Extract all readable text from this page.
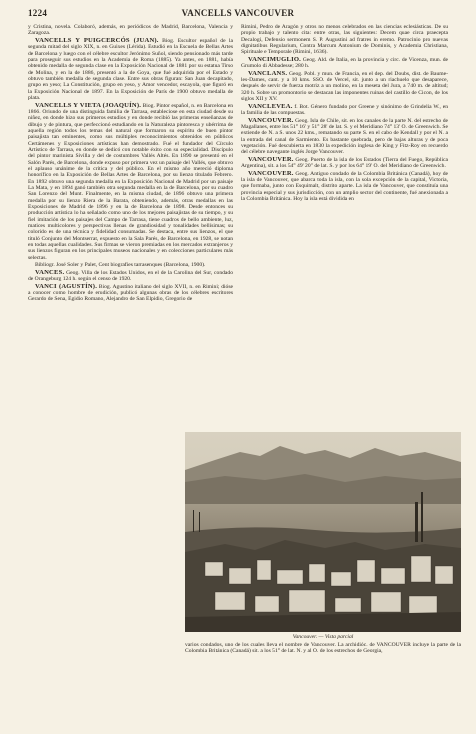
1224	VANCELLS VANCOUVER

y Cristina, novela. Colaboró, además, en periódicos de Madrid, Barcelona, Valencia y Zaragoza.

VANCELLS Y PUIGCERCÓS (JUAN). Biog. Escultor español de la segunda mitad del siglo XIX, n. en Guixes (Lérida). Estudió en la Escuela de Bellas Artes de Barcelona y luego con el célebre escultor Jerónimo Suñol, siendo pensionado más tarde para proseguir sus estudios en la Academia de Roma (1885). Ya antes, en 1881, había obtenido medalla de segunda clase en la Exposición Nacional de 1881 por su estatua Tirso de Molina, y en la de 1886, presentó a la de Goya, que fué adquirida por el Estado y obtuvo también medalla de segunda clase. Entre sus obras figuran: San Juan decapitado, grupo en yeso; La Constitución, grupo en yeso, y Amor vencedor, escayola, que figuró en la Exposición Nacional de 1897. En la Exposición de París de 1900 obtuvo medalla de plata.

VANCELLS Y VIETA (JOAQUÍN). Biog. Pintor español, n. en Barcelona en 1866. Oriundo de una distinguida familia de Tarrasa, estableciose en esta ciudad desde su niñez, en donde hizo sus primeros estudios y en donde recibió las primeras enseñanzas de dibujo y de pintura, que perfeccionó estudiando en la Naturaleza pintoresca y ubérrima de aquella región todos los temas del natural que formaron su espíritu de buen pintor paisajista tan eminentes, como sus múltiples reconocimientos obtenidos en públicos Certámenes y Exposiciones artísticas han demostrado. Fué el fundador del Círculo Artístico de Tarrasa, en donde se dedicó con notable éxito con su especialidad. Discípulo del pintor marinista Sivilla y del de costumbres Vallés Altés. En 1890 se presentó en el Salón Parés, de Barcelona, donde expuso por primera vez un paisaje del Vallés, que obtuvo el aplauso unánime de la crítica y del público. En el mismo año mereció diploma honorífico en la Exposición de Bellas Artes de Barcelona, por su lienzo titulado Febrero. En 1892 obtuvo una segunda medalla en la Exposición Nacional de Madrid por un paisaje La Mata, y en 1894 ganó también otra segunda medalla en la de Barcelona, por su cuadro San Lorenzo del Munt. Finalmente, en la misma ciudad, de 1896 obtuvo una primera medalla por su lienzo Riera de la Barata, obteniendo, además, otras medallas en las Exposiciones de Madrid de 1896 y en la de Barcelona de 1898. Desde entonces su producción artística lo ha señalado como uno de los mejores paisajistas de su tiempo, y su fiel imitación de los paisajes del Campo de Tarrasa, tiene cuadros de bello ambiente, luz, matices multicolores y perspectivas llenas de grandiosidad y tonalidades bellísimas; su colorido es de una técnica y fidelidad consumadas. Se destaca, entre sus lienzos, el que tituló Conjunto del Montserrat, expuesto en la Sala Parés, de Barcelona, en 1928, se notan en todas aquellas cualidades. Sus firmas se vieron premiadas en los mercados extranjeros y sus lienzos figuran en los principales museos nacionales y en colecciones particulares más selectas.

Bibliogr. José Soler y Palet, Cent biografies tarrasenques (Barcelona, 1900).

VANCES. Geog. Villa de los Estados Unidos, en el de la Carolina del Sur, condado de Orangeburg 124 h. según el censo de 1920.

VANCI (AGUSTÍN). Biog. Agustino italiano del siglo XVII, n. en Rimini; dióse a conocer como hombre de erudición, publicó algunas obras de los célebres escritores Gerardo de Sena, Egidio Romano, Alejandro de San Elpidio, Gregorio de

Rimini, Pedro de Aragón y otros no menos celebrados en las ciencias eclesiásticas. De su propio trabajo y talento cita: entre otras, las siguientes: Decem quae circa praecepta Decalogi, Defensio sermonem S. P. Augustini ad fratres in eremo. Patrocinio pro nuevas dignitatibus Regularium, Contra Marcum Antonium de Dominis, y Academia Christiana, Spirituale e Temporale (Rimini, 1636).

VANCIMUGLIO. Geog. Ald. de Italia, en la provincia y circ. de Vicenza, mun. de Grumolo di Abbadesse; 280 h.

VANCLANS. Geog. Pobl. y mun. de Francia, en el dep. del Doubs, dist. de Baume-les-Dames, cant. y a 10 kms. SSO. de Vercel, sit. junto a un riachuelo que desaparece, después de servir de fuerza motriz a un molino, en la meseta del Jura, a 740 m. de altitud; 320 h. Sobre un promontorio se destacan las imponentes ruinas del castillo de Cicon, de los siglos XII y XV.

VANCLEVEA. f. Bot. Género fundado por Greene y sinónimo de Grindelia W., en la familia de las compuestas.

VANCOUVER. Geog. Isla de Chile, sit. en los canales de la parte N. del estrecho de Magallanes, entre los 51° 16' y 51° 28' de lat. S. y el Meridiano 74° 13' O. de Greenwich. Se extiende de N. a S. unos 22 kms., rematando su parte S. en el cabo de Kendall y por el N. a la entrada del canal de Sarmiento. Es bastante quebrada, pero de bajas alturas y de poca vegetación. Fué descubierta en 1830 la expedición inglesa de King y Fitz-Roy en recuerdo del célebre navegante inglés Jorge Vancouver.

VANCOUVER. Geog. Puerto de la isla de los Estados (Tierra del Fuego, República Argentina), sit. a los 54° 49' 20" de lat. S. y por los 64° 19' O. del Meridiano de Greenwich.

VANCOUVER. Geog. Antiguo condado de la Colombia Británica (Canadá), hoy de la isla de Vancouver, que abarca toda la isla, con la sola excepción de la capital, Victoria, que formaba, junto con Esquimalt, distrito aparte. La isla de Vancouver, que constituía una provincia especial y sus jurisdicción, con un amplio sector del continente, fué anexionada a la Colombia Británica. Hoy la isla está dividida en

Vancouver. — Vista parcial

varios condados, uno de los cuales lleva el nombre de Vancouver. La archidióc. de VANCOUVER incluye la parte de la Colombia Británica (Canadá) sit. a los 51° de lat. N. y al O. de los estrechos de Georgia,
